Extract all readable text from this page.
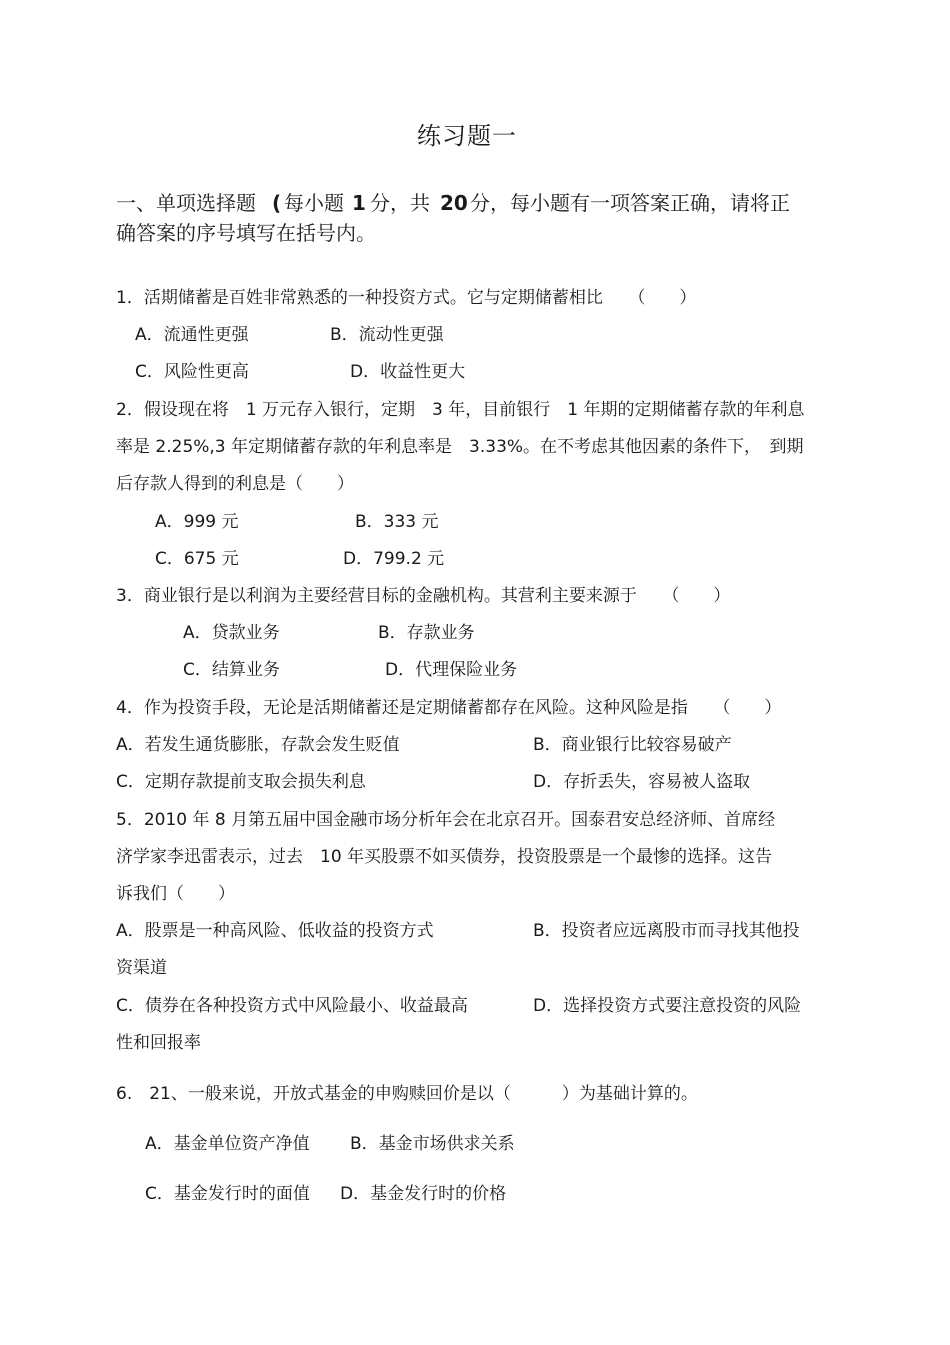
练习题一
一、单项选择题 ( 每小题 1 分，共 20 分，每小题有一项答案正确，请将正
确答案的序号填写在括号内。
1．活期储蓄是百姓非常熟悉的一种投资方式。它与定期储蓄相比　　（　　）
A．流通性更强	B．流动性更强
C．风险性更高	D．收益性更大
2．假设现在将　1 万元存入银行，定期　3 年，目前银行　1 年期的定期储蓄存款的年利息
率是 2.25%,3 年定期储蓄存款的年利息率是　3.33%。在不考虑其他因素的条件下，　到期
后存款人得到的利息是（　　）
A．999 元	B．333 元
C．675 元	D．799.2 元
3．商业银行是以利润为主要经营目标的金融机构。其营利主要来源于　　（　　）
A．贷款业务	B．存款业务
C．结算业务	D．代理保险业务
4．作为投资手段，无论是活期储蓄还是定期储蓄都存在风险。这种风险是指　　（　　）
A．若发生通货膨胀，存款会发生贬值	B．商业银行比较容易破产
C．定期存款提前支取会损失利息	D．存折丢失，容易被人盗取
5．2010 年 8 月第五届中国金融市场分析年会在北京召开。国泰君安总经济师、首席经
济学家李迅雷表示，过去　10 年买股票不如买债券，投资股票是一个最惨的选择。这告
诉我们（　　）
A．股票是一种高风险、低收益的投资方式	B．投资者应远离股市而寻找其他投
资渠道
C．债券在各种投资方式中风险最小、收益最高	D．选择投资方式要注意投资的风险
性和回报率
6.　21、一般来说，开放式基金的申购赎回价是以（　　　）为基础计算的。
A．基金单位资产净值 B．基金市场供求关系
C．基金发行时的面值 D．基金发行时的价格
